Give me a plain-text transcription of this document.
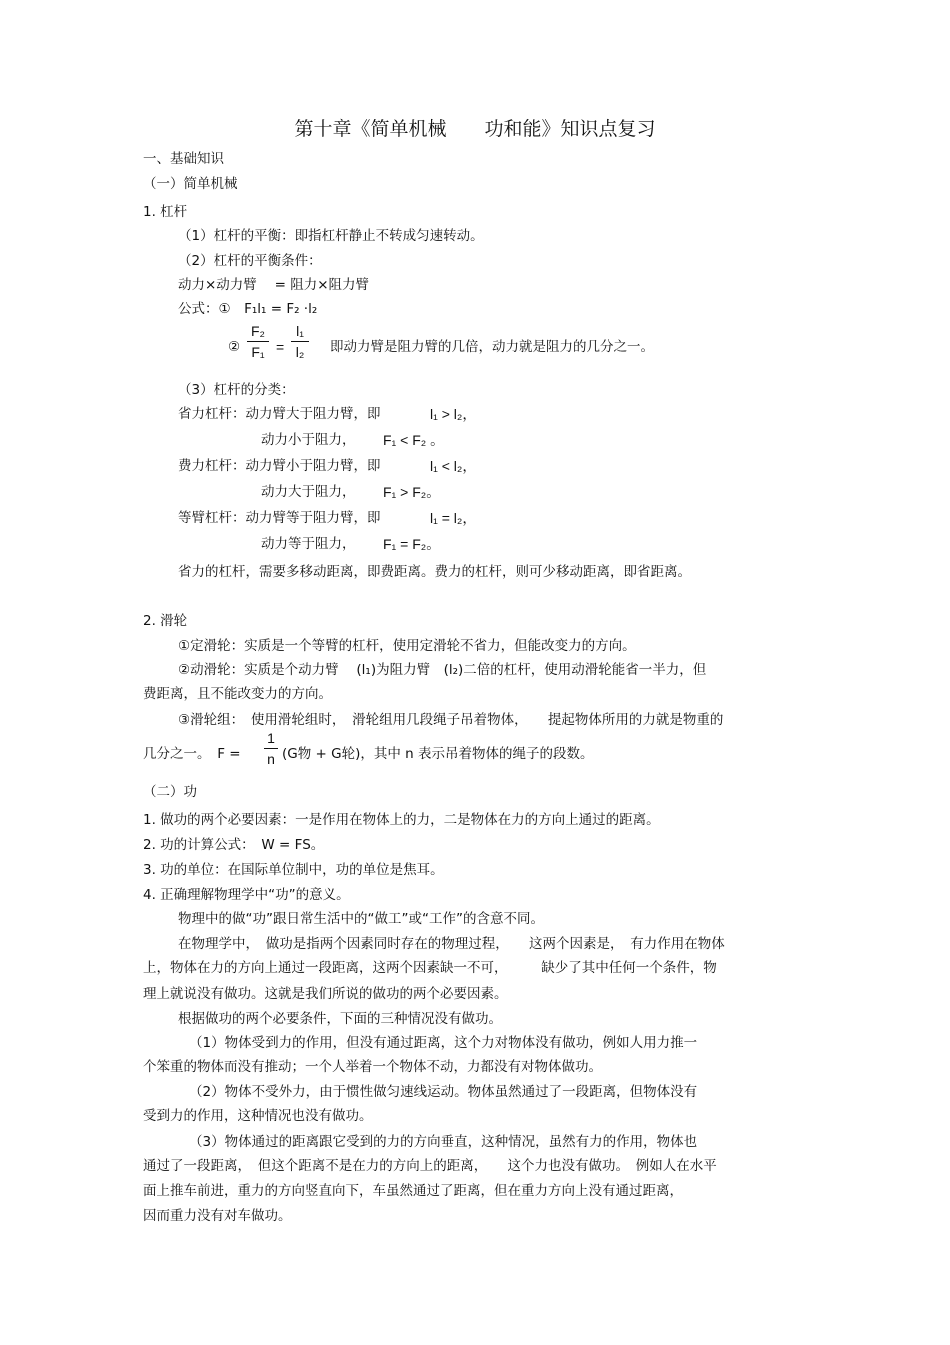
第十章《简单机械　　功和能》知识点复习
一、基础知识
（一）简单机械
1. 杠杆
（1）杠杆的平衡：即指杠杆静止不转成匀速转动。
（2）杠杆的平衡条件：
动力×动力臂　 = 阻力×阻力臂
公式：①　F₁l₁ = F₂ ·l₂
②
F₂
F₁ =
l₁
l₂	即动力臂是阻力臂的几倍，动力就是阻力的几分之一。
（3）杠杆的分类：
省力杠杆：动力臂大于阻力臂，即	l₁ > l₂，
动力小于阻力， F₁ < F₂ 。
费力杠杆：动力臂小于阻力臂，即	l₁ < l₂，
动力大于阻力， F₁ > F₂。
等臂杠杆：动力臂等于阻力臂，即	l₁ = l₂，
动力等于阻力， F₁ = F₂。
省力的杠杆，需要多移动距离，即费距离。费力的杠杆，则可少移动距离，即省距离。
2. 滑轮
①定滑轮：实质是一个等臂的杠杆，使用定滑轮不省力，但能改变力的方向。
②动滑轮：实质是个动力臂　 (l₁)为阻力臂　(l₂)二倍的杠杆，使用动滑轮能省一半力，但
费距离，且不能改变力的方向。
③滑轮组：　使用滑轮组时，　滑轮组用几段绳子吊着物体，　　提起物体所用的力就是物重的
几分之一。　F =
1
n (G物 + G轮)，其中 n 表示吊着物体的绳子的段数。
（二）功
1. 做功的两个必要因素：一是作用在物体上的力，二是物体在力的方向上通过的距离。
2. 功的计算公式：　W = FS。
3. 功的单位：在国际单位制中，功的单位是焦耳。
4. 正确理解物理学中“功”的意义。
物理中的做“功”跟日常生活中的“做工”或“工作”的含意不同。
在物理学中，　做功是指两个因素同时存在的物理过程，　　这两个因素是，　有力作用在物体
上，物体在力的方向上通过一段距离，这两个因素缺一不可，　　　缺少了其中任何一个条件，物
理上就说没有做功。这就是我们所说的做功的两个必要因素。
根据做功的两个必要条件，下面的三种情况没有做功。
（1）物体受到力的作用，但没有通过距离，这个力对物体没有做功，例如人用力推一
个笨重的物体而没有推动；一个人举着一个物体不动，力都没有对物体做功。
（2）物体不受外力，由于惯性做匀速线运动。物体虽然通过了一段距离，但物体没有
受到力的作用，这种情况也没有做功。
（3）物体通过的距离跟它受到的力的方向垂直，这种情况，虽然有力的作用，物体也
通过了一段距离，　但这个距离不是在力的方向上的距离，　　这个力也没有做功。　例如人在水平
面上推车前进，重力的方向竖直向下，车虽然通过了距离，但在重力方向上没有通过距离，
因而重力没有对车做功。
